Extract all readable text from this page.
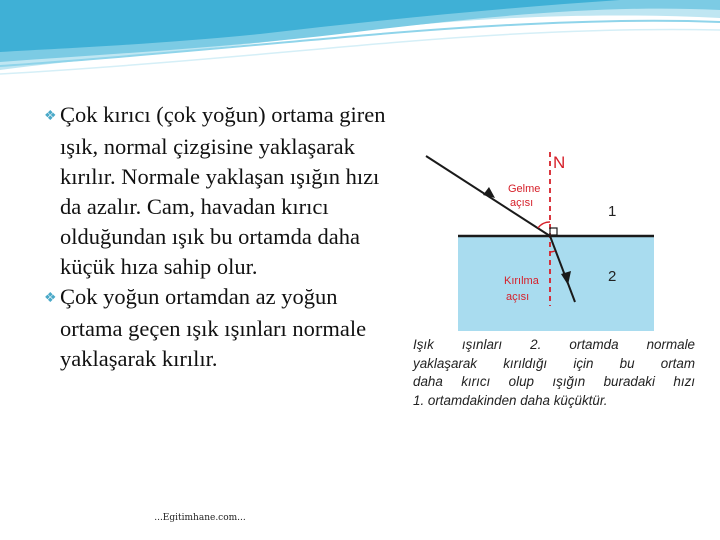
❖ Çok kırıcı (çok yoğun) ortama giren ışık, normal çizgisine yaklaşarak kırılır. Normale yaklaşan ışığın hızı da azalır. Cam, havadan kırıcı olduğundan ışık bu ortamda daha küçük hıza sahip olur.

❖ Çok yoğun ortamdan az yoğun ortama geçen ışık ışınları normale yaklaşarak kırılır.

N
Gelme
açısı
Kırılma
açısı
1
2
Işık ışınları 2. ortamda normale
yaklaşarak kırıldığı için bu ortam
daha kırıcı olup ışığın buradaki hızı
1. ortamdakinden daha küçüktür.
...Egitimhane.com...
